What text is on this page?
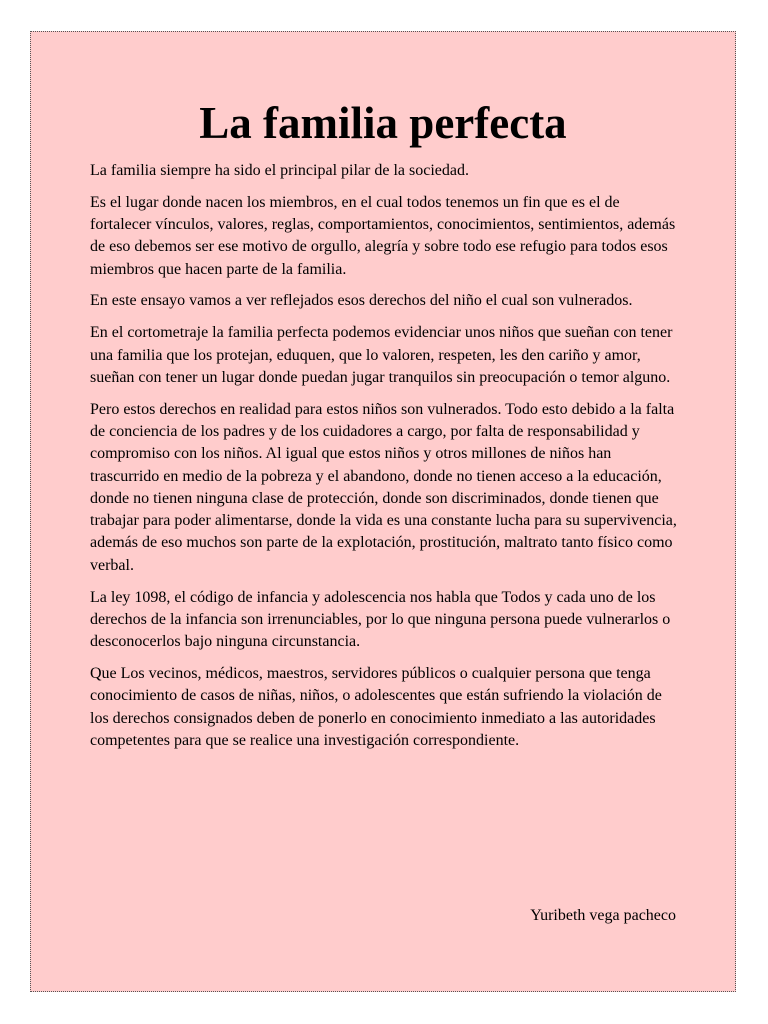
La familia perfecta

La familia siempre ha sido el principal pilar de la sociedad.

Es el lugar donde nacen los miembros, en el cual todos tenemos un fin que es el de fortalecer vínculos, valores, reglas, comportamientos, conocimientos, sentimientos, además de eso debemos ser ese motivo de orgullo, alegría y sobre todo ese refugio para todos esos miembros que hacen parte de la familia.

En este ensayo vamos a ver reflejados esos derechos del niño el cual son vulnerados.

En el cortometraje la familia perfecta podemos evidenciar unos niños que sueñan con tener una familia que los protejan, eduquen, que lo valoren, respeten, les den cariño y amor, sueñan con tener un lugar donde puedan jugar tranquilos sin preocupación o temor alguno.

Pero estos derechos en realidad para estos niños son vulnerados. Todo esto debido a la falta de conciencia de los padres y de los cuidadores a cargo, por falta de responsabilidad y compromiso con los niños. Al igual que estos niños y otros millones de niños han trascurrido en medio de la pobreza y el abandono, donde no tienen acceso a la educación, donde no tienen ninguna clase de protección, donde son discriminados, donde tienen que trabajar para poder alimentarse, donde la vida es una constante lucha para su supervivencia, además de eso muchos son parte de la explotación, prostitución, maltrato tanto físico como verbal.

La ley 1098, el código de infancia y adolescencia nos habla que Todos y cada uno de los derechos de la infancia son irrenunciables, por lo que ninguna persona puede vulnerarlos o desconocerlos bajo ninguna circunstancia.

Que Los vecinos, médicos, maestros, servidores públicos o cualquier persona que tenga conocimiento de casos de niñas, niños, o adolescentes que están sufriendo la violación de los derechos consignados deben de ponerlo en conocimiento inmediato a las autoridades competentes para que se realice una investigación correspondiente.

Yuribeth vega pacheco
